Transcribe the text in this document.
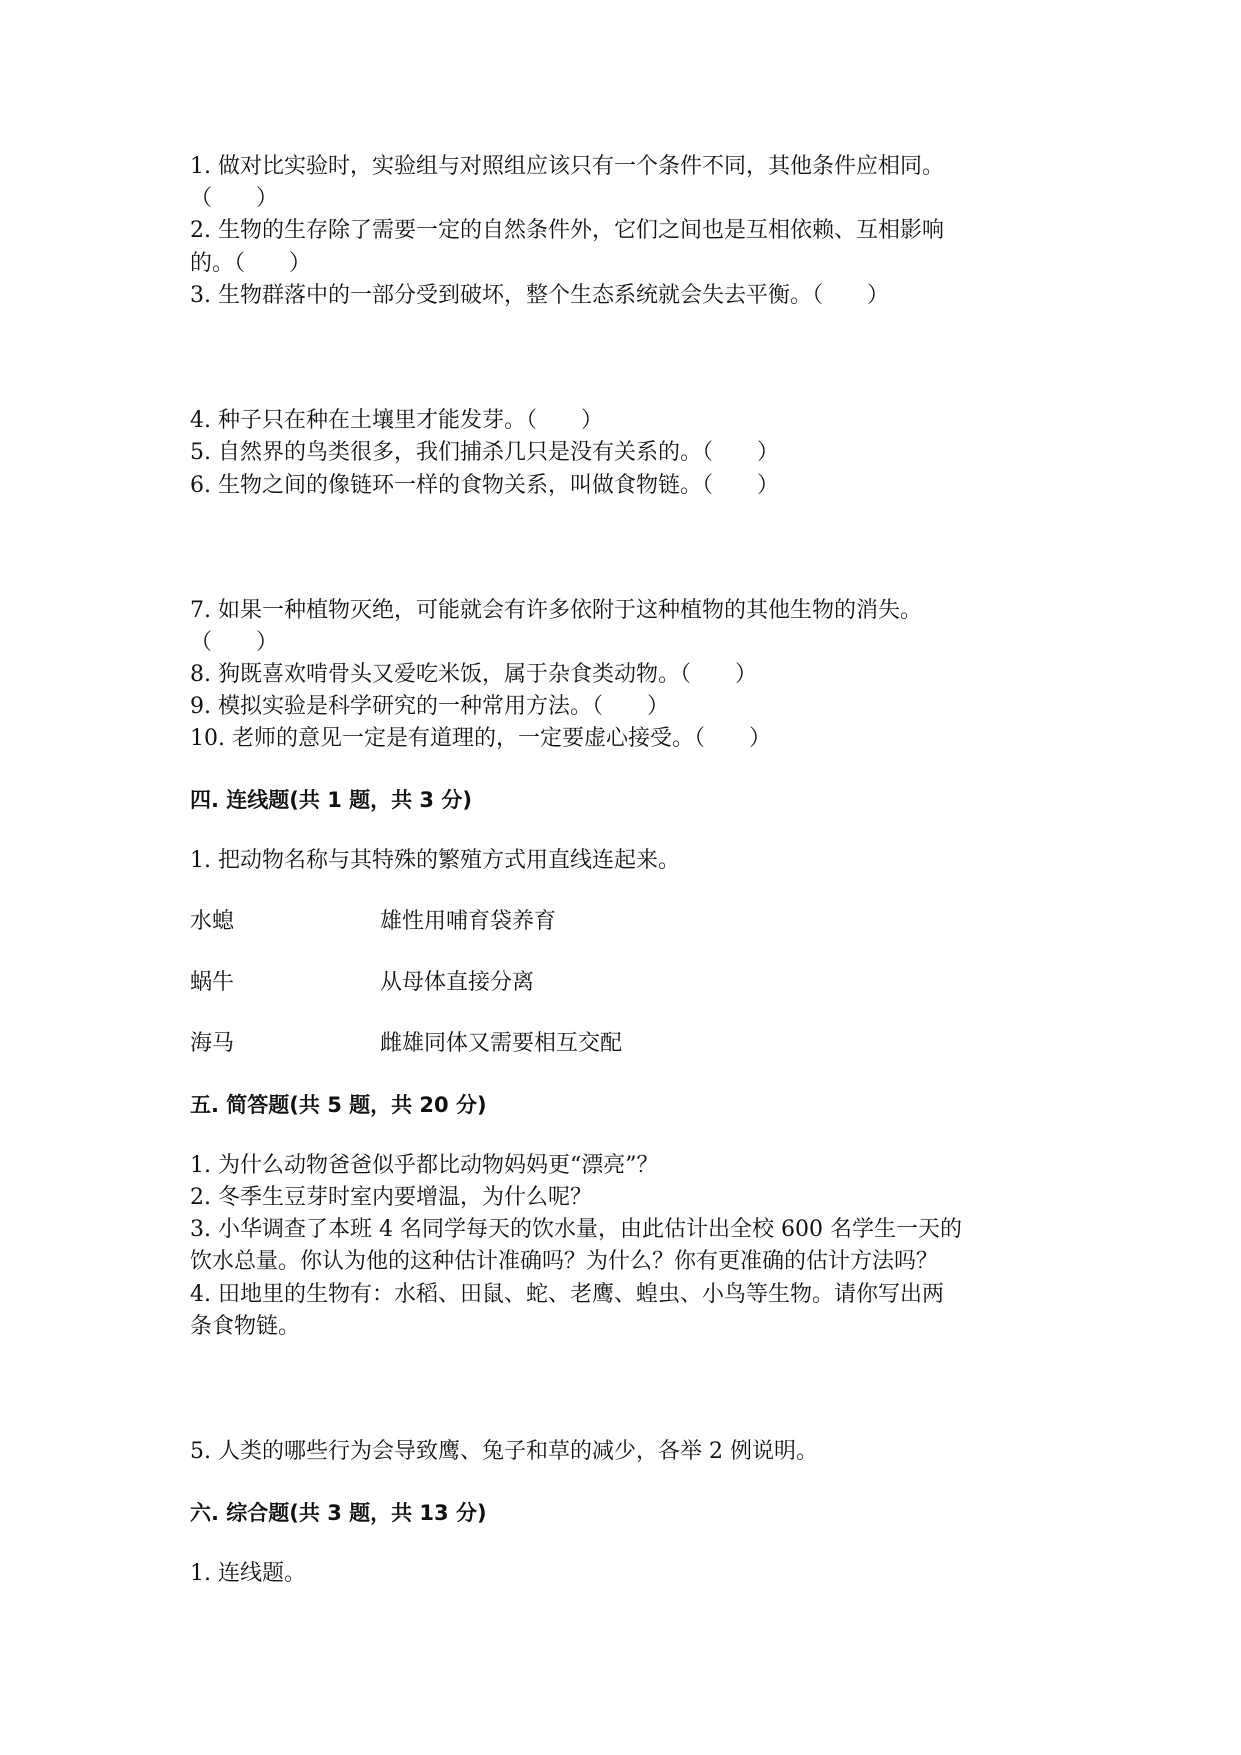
1. 做对比实验时，实验组与对照组应该只有一个条件不同，其他条件应相同。
（　　）
2. 生物的生存除了需要一定的自然条件外，它们之间也是互相依赖、互相影响
的。（　　）
3. 生物群落中的一部分受到破坏，整个生态系统就会失去平衡。（　　）
4. 种子只在种在土壤里才能发芽。（　　）
5. 自然界的鸟类很多，我们捕杀几只是没有关系的。（　　）
6. 生物之间的像链环一样的食物关系，叫做食物链。（　　）
7. 如果一种植物灭绝，可能就会有许多依附于这种植物的其他生物的消失。
（　　）
8. 狗既喜欢啃骨头又爱吃米饭，属于杂食类动物。（　　）
9. 模拟实验是科学研究的一种常用方法。（　　）
10. 老师的意见一定是有道理的，一定要虚心接受。（　　）
四. 连线题(共 1 题，共 3 分)
1. 把动物名称与其特殊的繁殖方式用直线连起来。
水螅	雄性用哺育袋养育
蜗牛	从母体直接分离
海马	雌雄同体又需要相互交配
五. 简答题(共 5 题，共 20 分)
1. 为什么动物爸爸似乎都比动物妈妈更“漂亮”？
2. 冬季生豆芽时室内要增温，为什么呢？
3. 小华调查了本班 4 名同学每天的饮水量，由此估计出全校 600 名学生一天的
饮水总量。你认为他的这种估计准确吗？为什么？你有更准确的估计方法吗？
4. 田地里的生物有：水稻、田鼠、蛇、老鹰、蝗虫、小鸟等生物。请你写出两
条食物链。
5. 人类的哪些行为会导致鹰、兔子和草的减少，各举 2 例说明。
六. 综合题(共 3 题，共 13 分)
1. 连线题。
